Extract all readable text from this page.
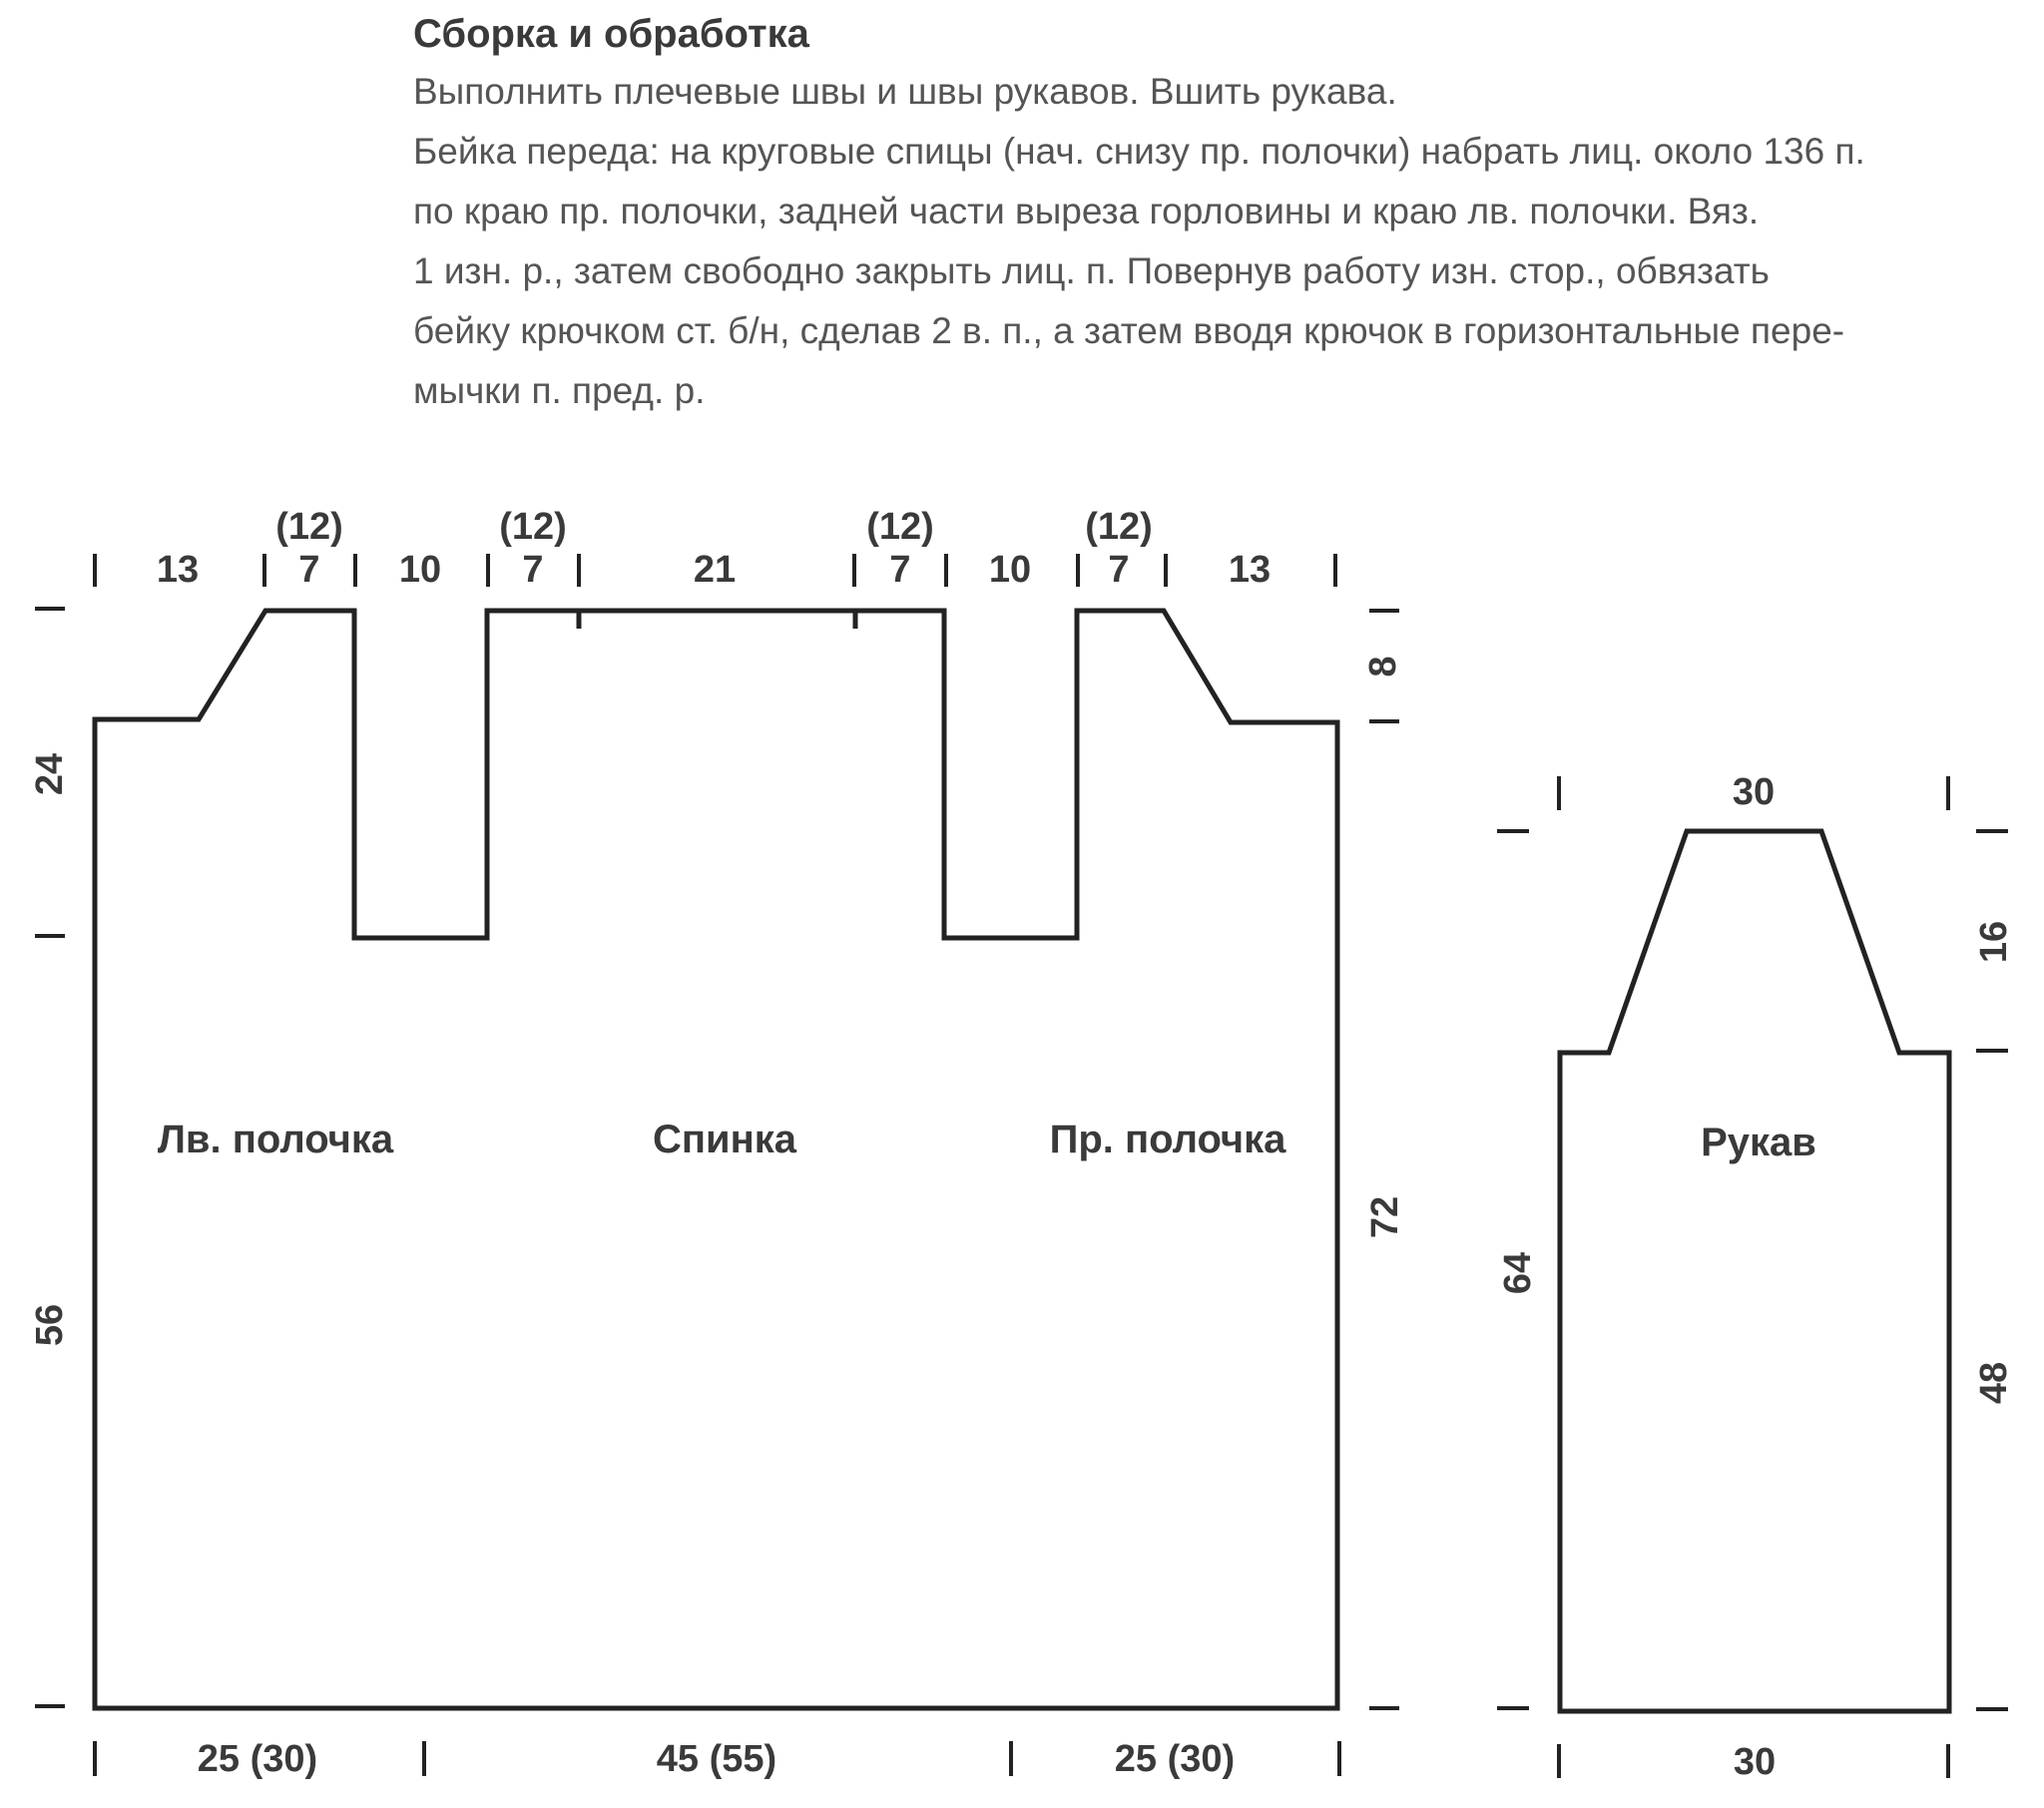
Сборка и обработка

Выполнить плечевые швы и швы рукавов. Вшить рукава.

Бейка переда: на круговые спицы (нач. снизу пр. полочки) набрать лиц. около 136 п.

по краю пр. полочки, задней части выреза горловины и краю лв. полочки. Вяз.

1 изн. р., затем свободно закрыть лиц. п. Повернув работу изн. стор., обвязать

бейку крючком ст. б/н, сделав 2 в. п., а затем вводя крючок в горизонтальные пере-

мычки п. пред. р.

13
(12)
7 10
(12)
7	21
(12)
7 10
(12)
7	13
24
56
8
72
25 (30)	45 (55)	25 (30)
Лв. полочка	Спинка	Пр. полочка	Рукав
30
30
64
16
48
